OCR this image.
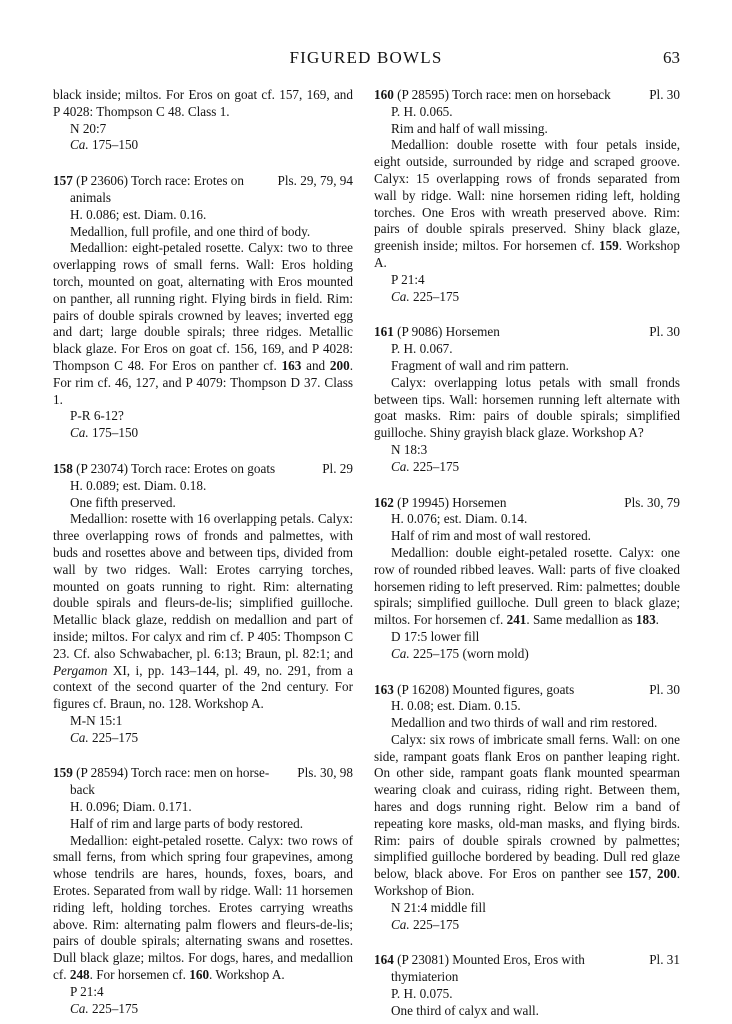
FIGURED BOWLS	63

black inside; miltos. For Eros on goat cf. 157, 169, and P 4028: Thompson C 48. Class 1.

N 20:7

Ca. 175–150

157 (P 23606) Torch race: Erotes on	Pls. 29, 79, 94

animals

H. 0.086; est. Diam. 0.16.

Medallion, full profile, and one third of body.

Medallion: eight-petaled rosette. Calyx: two to three overlapping rows of small ferns. Wall: Eros holding torch, mounted on goat, alternating with Eros mounted on panther, all running right. Flying birds in field. Rim: pairs of double spirals crowned by leaves; inverted egg and dart; large double spirals; three ridges. Metallic black glaze. For Eros on goat cf. 156, 169, and P 4028: Thompson C 48. For Eros on panther cf. 163 and 200. For rim cf. 46, 127, and P 4079: Thompson D 37. Class 1.

P-R 6-12?

Ca. 175–150

158 (P 23074) Torch race: Erotes on goats	Pl. 29

H. 0.089; est. Diam. 0.18.

One fifth preserved.

Medallion: rosette with 16 overlapping petals. Calyx: three overlapping rows of fronds and palmettes, with buds and rosettes above and between tips, divided from wall by two ridges. Wall: Erotes carrying torches, mounted on goats running to right. Rim: alternating double spirals and fleurs-de-lis; simplified guilloche. Metallic black glaze, reddish on medallion and part of inside; miltos. For calyx and rim cf. P 405: Thompson C 23. Cf. also Schwabacher, pl. 6:13; Braun, pl. 82:1; and Pergamon XI, i, pp. 143–144, pl. 49, no. 291, from a context of the second quarter of the 2nd century. For figures cf. Braun, no. 128. Workshop A.

M-N 15:1

Ca. 225–175

159 (P 28594) Torch race: men on horse-	Pls. 30, 98

back

H. 0.096; Diam. 0.171.

Half of rim and large parts of body restored.

Medallion: eight-petaled rosette. Calyx: two rows of small ferns, from which spring four grapevines, among whose tendrils are hares, hounds, foxes, boars, and Erotes. Separated from wall by ridge. Wall: 11 horsemen riding left, holding torches. Erotes carrying wreaths above. Rim: alternating palm flowers and fleurs-de-lis; pairs of double spirals; alternating swans and rosettes. Dull black glaze; miltos. For dogs, hares, and medallion cf. 248. For horsemen cf. 160. Workshop A.

P 21:4

Ca. 225–175

160 (P 28595) Torch race: men on horseback	Pl. 30

P. H. 0.065.

Rim and half of wall missing.

Medallion: double rosette with four petals inside, eight outside, surrounded by ridge and scraped groove. Calyx: 15 overlapping rows of fronds separated from wall by ridge. Wall: nine horsemen riding left, holding torches. One Eros with wreath preserved above. Rim: pairs of double spirals preserved. Shiny black glaze, greenish inside; miltos. For horsemen cf. 159. Workshop A.

P 21:4

Ca. 225–175

161 (P 9086) Horsemen	Pl. 30

P. H. 0.067.

Fragment of wall and rim pattern.

Calyx: overlapping lotus petals with small fronds between tips. Wall: horsemen running left alternate with goat masks. Rim: pairs of double spirals; simplified guilloche. Shiny grayish black glaze. Workshop A?

N 18:3

Ca. 225–175

162 (P 19945) Horsemen	Pls. 30, 79

H. 0.076; est. Diam. 0.14.

Half of rim and most of wall restored.

Medallion: double eight-petaled rosette. Calyx: one row of rounded ribbed leaves. Wall: parts of five cloaked horsemen riding to left preserved. Rim: palmettes; double spirals; simplified guilloche. Dull green to black glaze; miltos. For horsemen cf. 241. Same medallion as 183.

D 17:5 lower fill

Ca. 225–175 (worn mold)

163 (P 16208) Mounted figures, goats	Pl. 30

H. 0.08; est. Diam. 0.15.

Medallion and two thirds of wall and rim restored.

Calyx: six rows of imbricate small ferns. Wall: on one side, rampant goats flank Eros on panther leaping right. On other side, rampant goats flank mounted spearman wearing cloak and cuirass, riding right. Between them, hares and dogs running right. Below rim a band of repeating kore masks, old-man masks, and flying birds. Rim: pairs of double spirals crowned by palmettes; simplified guilloche bordered by beading. Dull red glaze below, black above. For Eros on panther see 157, 200. Workshop of Bion.

N 21:4 middle fill

Ca. 225–175

164 (P 23081) Mounted Eros, Eros with	Pl. 31

thymiaterion

P. H. 0.075.

One third of calyx and wall.
